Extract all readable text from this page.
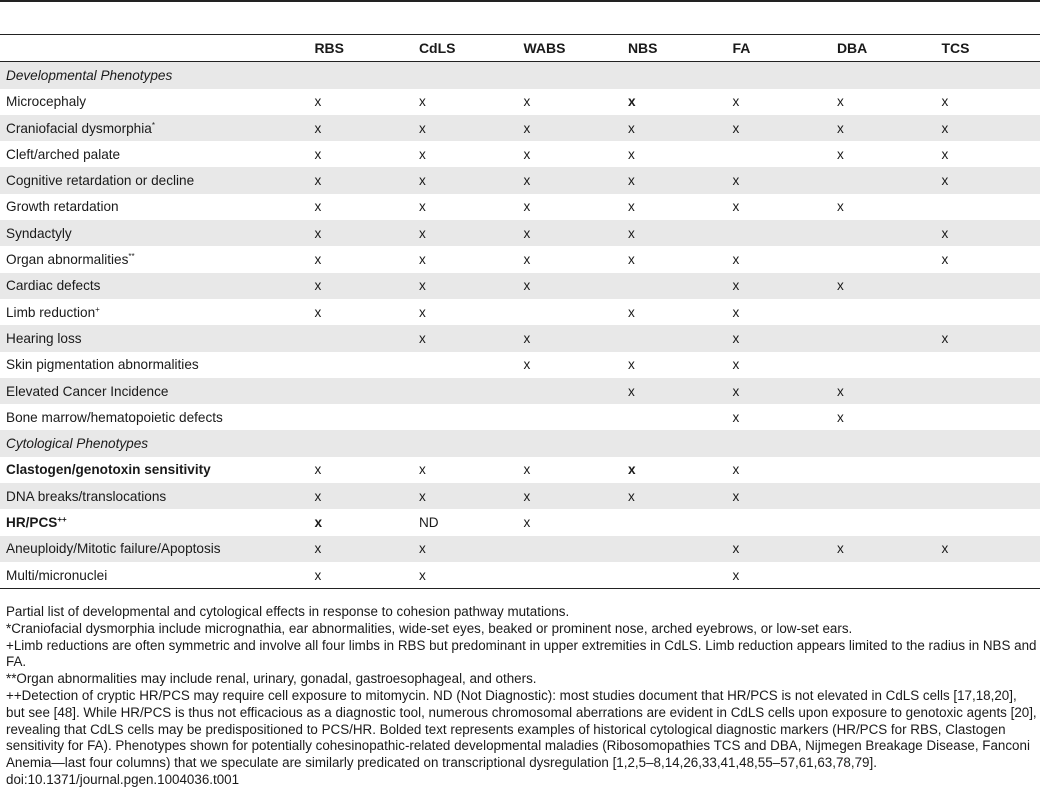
	RBS	CdLS	WABS	NBS	FA	DBA	TCS
Developmental Phenotypes							
Microcephaly	x	x	x	x	x	x	x
Craniofacial dysmorphia*	x	x	x	x	x	x	x
Cleft/arched palate	x	x	x	x		x	x
Cognitive retardation or decline	x	x	x	x	x		x
Growth retardation	x	x	x	x	x	x	
Syndactyly	x	x	x	x			x
Organ abnormalities**	x	x	x	x	x		x
Cardiac defects	x	x	x		x	x	
Limb reduction+	x	x		x	x		
Hearing loss		x	x		x		x
Skin pigmentation abnormalities			x	x	x		
Elevated Cancer Incidence				x	x	x	
Bone marrow/hematopoietic defects					x	x	
Cytological Phenotypes							
Clastogen/genotoxin sensitivity	x	x	x	x	x		
DNA breaks/translocations	x	x	x	x	x		
HR/PCS++	x	ND	x				
Aneuploidy/Mitotic failure/Apoptosis	x	x			x	x	x
Multi/micronuclei	x	x			x		

Partial list of developmental and cytological effects in response to cohesion pathway mutations.

*Craniofacial dysmorphia include micrognathia, ear abnormalities, wide-set eyes, beaked or prominent nose, arched eyebrows, or low-set ears.

+Limb reductions are often symmetric and involve all four limbs in RBS but predominant in upper extremities in CdLS. Limb reduction appears limited to the radius in NBS and FA.

**Organ abnormalities may include renal, urinary, gonadal, gastroesophageal, and others.

++Detection of cryptic HR/PCS may require cell exposure to mitomycin. ND (Not Diagnostic): most studies document that HR/PCS is not elevated in CdLS cells [17,18,20], but see [48]. While HR/PCS is thus not efficacious as a diagnostic tool, numerous chromosomal aberrations are evident in CdLS cells upon exposure to genotoxic agents [20], revealing that CdLS cells may be predispositioned to PCS/HR. Bolded text represents examples of historical cytological diagnostic markers (HR/PCS for RBS, Clastogen sensitivity for FA). Phenotypes shown for potentially cohesinopathic-related developmental maladies (Ribosomopathies TCS and DBA, Nijmegen Breakage Disease, Fanconi Anemia—last four columns) that we speculate are similarly predicated on transcriptional dysregulation [1,2,5–8,14,26,33,41,48,55–57,61,63,78,79].

doi:10.1371/journal.pgen.1004036.t001
